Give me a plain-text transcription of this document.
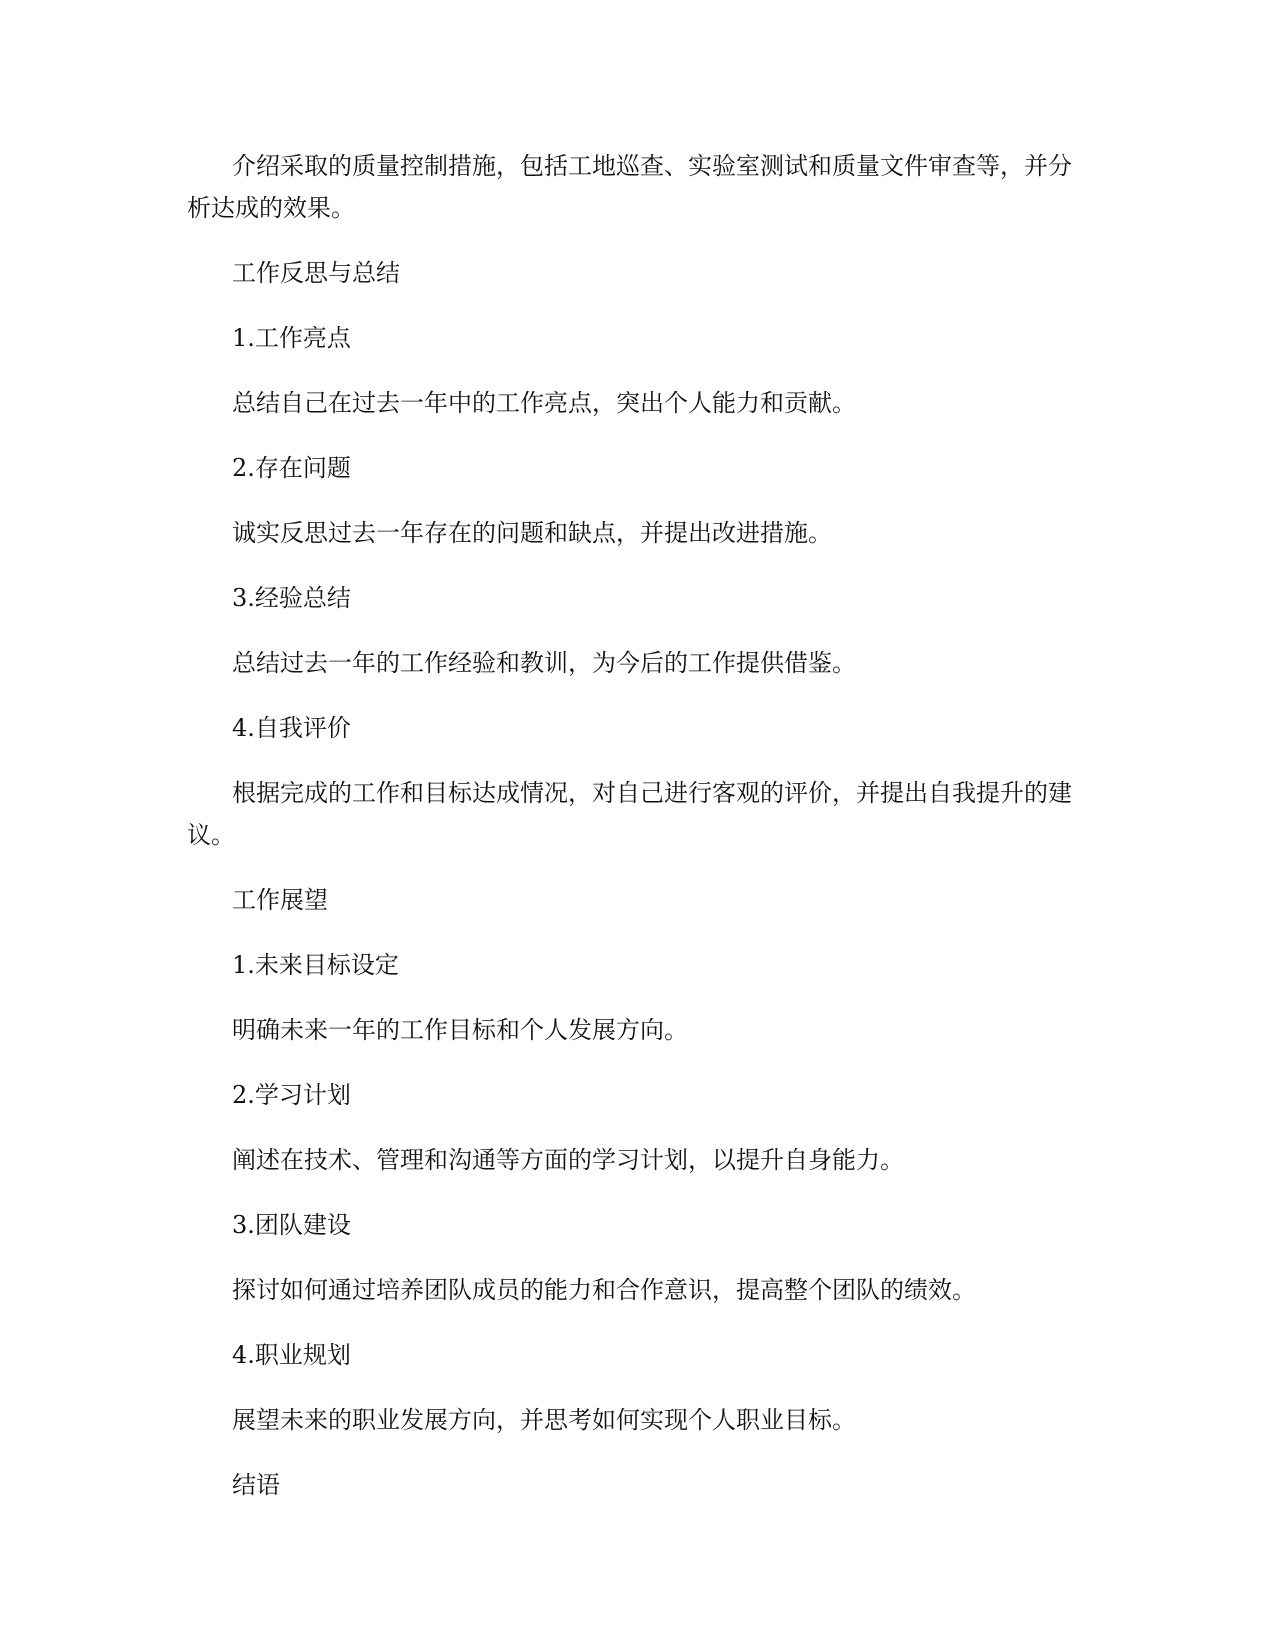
介绍采取的质量控制措施，包括工地巡查、实验室测试和质量文件审查等，并分析达成的效果。

工作反思与总结

1.工作亮点

总结自己在过去一年中的工作亮点，突出个人能力和贡献。

2.存在问题

诚实反思过去一年存在的问题和缺点，并提出改进措施。

3.经验总结

总结过去一年的工作经验和教训，为今后的工作提供借鉴。

4.自我评价

根据完成的工作和目标达成情况，对自己进行客观的评价，并提出自我提升的建议。

工作展望

1.未来目标设定

明确未来一年的工作目标和个人发展方向。

2.学习计划

阐述在技术、管理和沟通等方面的学习计划，以提升自身能力。

3.团队建设

探讨如何通过培养团队成员的能力和合作意识，提高整个团队的绩效。

4.职业规划

展望未来的职业发展方向，并思考如何实现个人职业目标。

结语
